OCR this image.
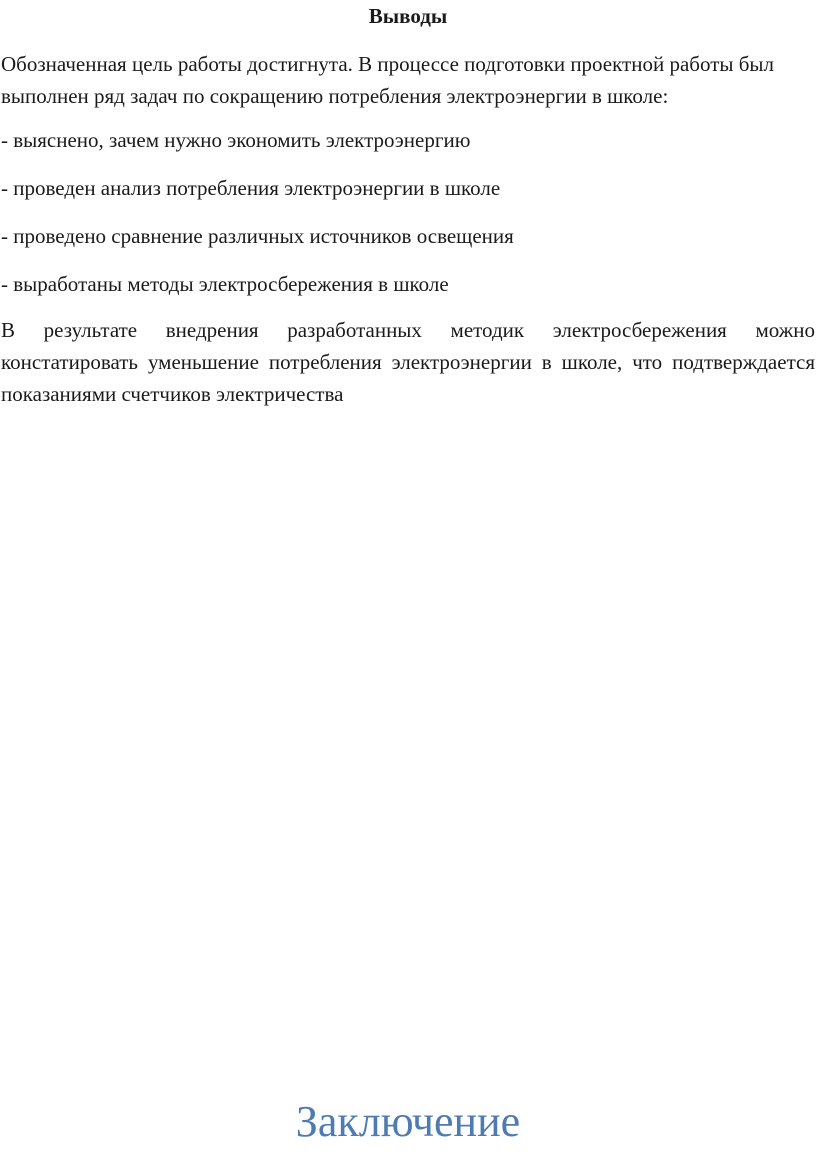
Выводы

Обозначенная цель работы достигнута. В процессе подготовки проектной работы был выполнен ряд задач по сокращению потребления электроэнергии в школе:

- выяснено, зачем нужно экономить электроэнергию
- проведен анализ потребления электроэнергии в школе
- проведено сравнение различных источников освещения
- выработаны методы электросбережения в школе

В результате внедрения разработанных методик электросбережения можно констатировать уменьшение потребления электроэнергии в школе, что подтверждается показаниями счетчиков электричества

Заключение
